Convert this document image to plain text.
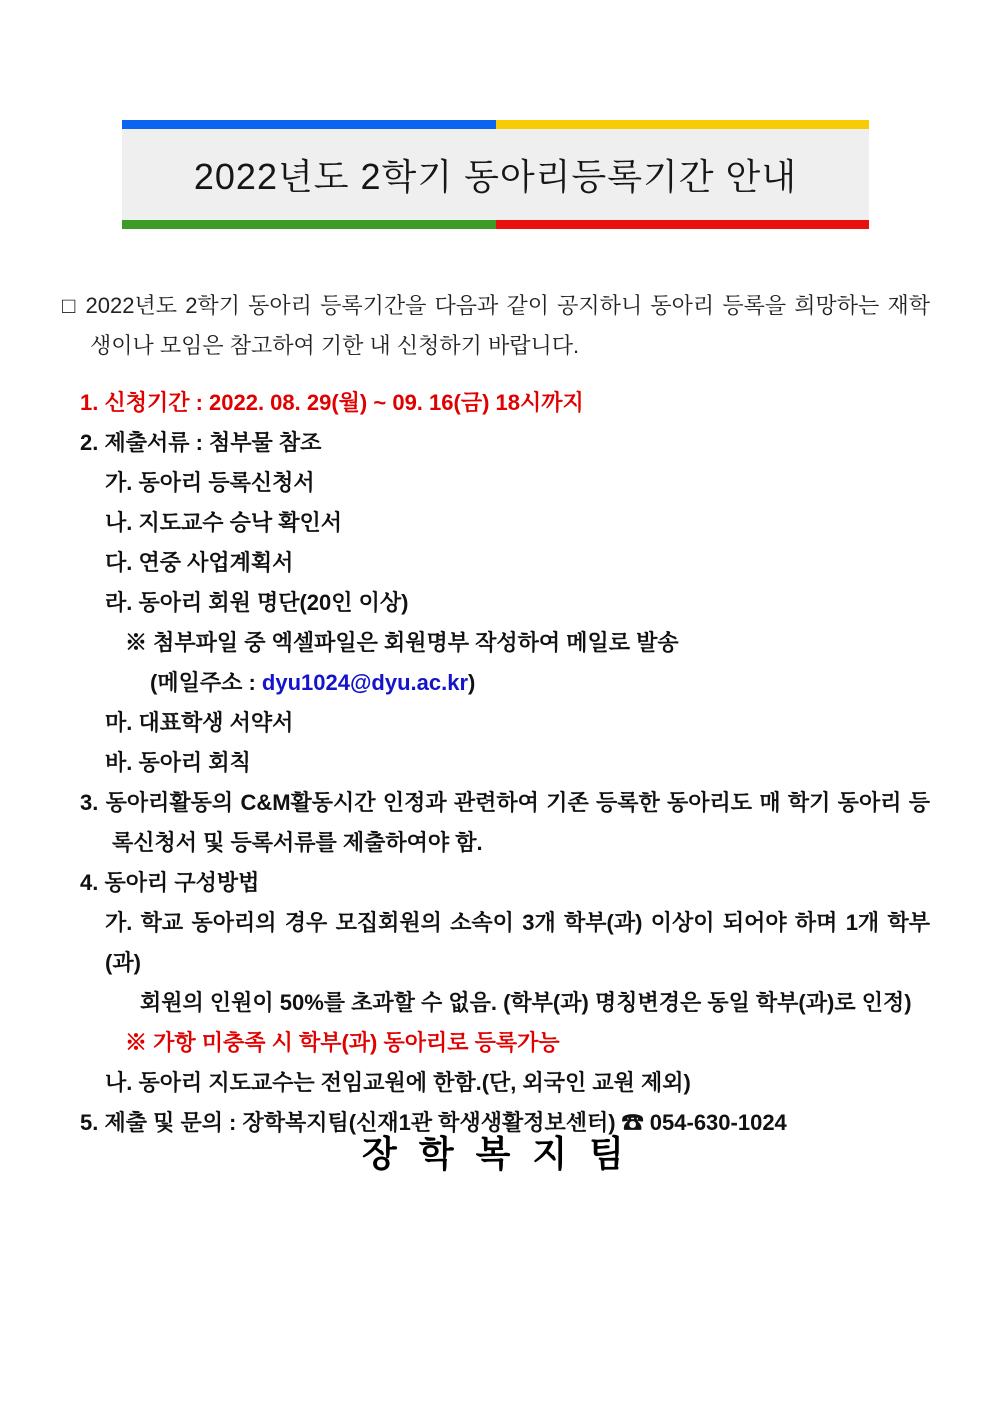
2022년도 2학기 동아리등록기간 안내
□ 2022년도 2학기 동아리 등록기간을 다음과 같이 공지하니 동아리 등록을 희망하는 재학
생이나 모임은 참고하여 기한 내 신청하기 바랍니다.
1. 신청기간 : 2022. 08. 29(월) ~ 09. 16(금) 18시까지
2. 제출서류 : 첨부물 참조
가. 동아리 등록신청서
나. 지도교수 승낙 확인서
다. 연중 사업계획서
라. 동아리 회원 명단(20인 이상)
※ 첨부파일 중 엑셀파일은 회원명부 작성하여 메일로 발송
(메일주소 : dyu1024@dyu.ac.kr)
마. 대표학생 서약서
바. 동아리 회칙
3. 동아리활동의 C&M활동시간 인정과 관련하여 기존 등록한 동아리도 매 학기 동아리 등
록신청서 및 등록서류를 제출하여야 함.
4. 동아리 구성방법
가. 학교 동아리의 경우 모집회원의 소속이 3개 학부(과) 이상이 되어야 하며 1개 학부(과)
회원의 인원이 50%를 초과할 수 없음. (학부(과) 명칭변경은 동일 학부(과)로 인정)
※ 가항 미충족 시 학부(과) 동아리로 등록가능
나. 동아리 지도교수는 전임교원에 한함.(단, 외국인 교원 제외)
5. 제출 및 문의 : 장학복지팀(신재1관 학생생활정보센터) ☎ 054-630-1024
장 학 복 지 팀
